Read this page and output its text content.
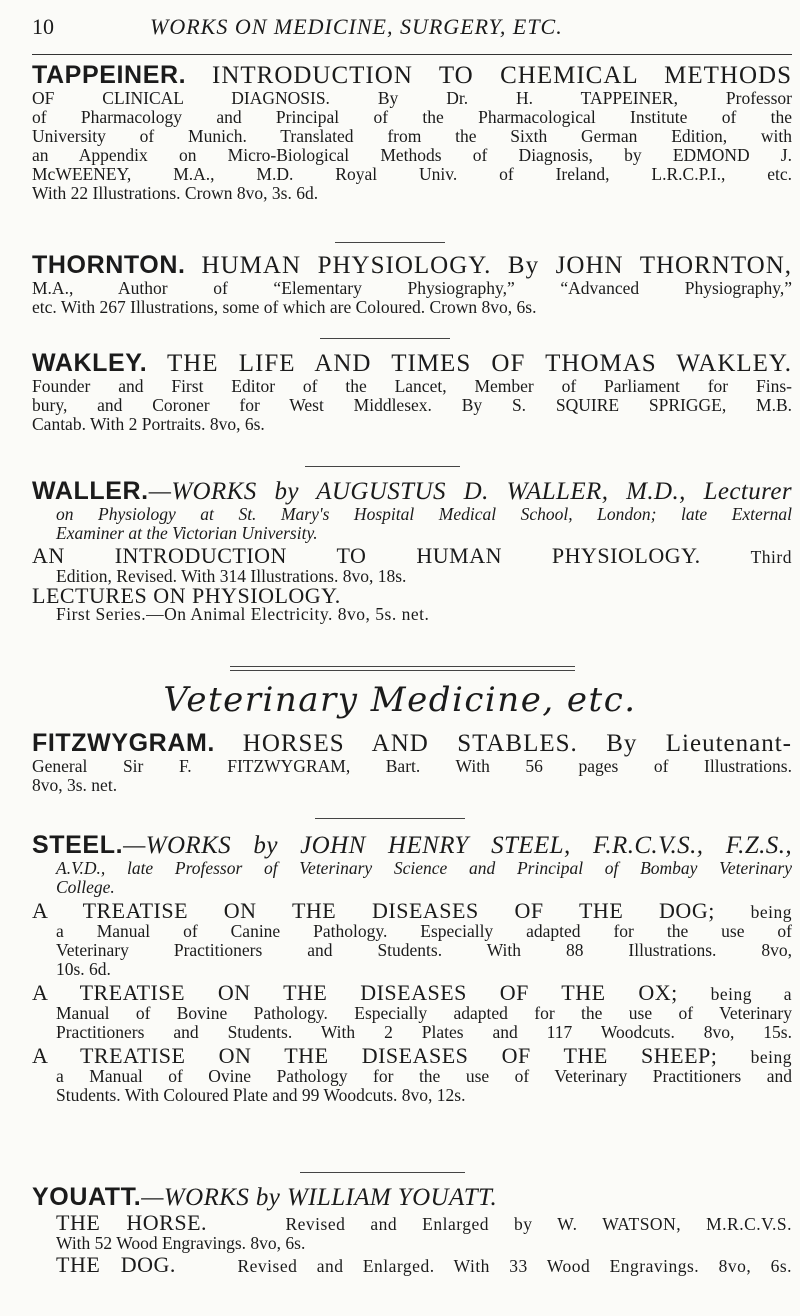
10	WORKS ON MEDICINE, SURGERY, ETC.
TAPPEINER. INTRODUCTION TO CHEMICAL METHODS
OF CLINICAL DIAGNOSIS. By Dr. H. TAPPEINER, Professor
of Pharmacology and Principal of the Pharmacological Institute of the
University of Munich. Translated from the Sixth German Edition, with
an Appendix on Micro-Biological Methods of Diagnosis, by EDMOND J.
McWEENEY, M.A., M.D. Royal Univ. of Ireland, L.R.C.P.I., etc.
With 22 Illustrations. Crown 8vo, 3s. 6d.
THORNTON. HUMAN PHYSIOLOGY. By JOHN THORNTON,
M.A., Author of “Elementary Physiography,” “Advanced Physiography,”
etc. With 267 Illustrations, some of which are Coloured. Crown 8vo, 6s.
WAKLEY. THE LIFE AND TIMES OF THOMAS WAKLEY.
Founder and First Editor of the Lancet, Member of Parliament for Fins-
bury, and Coroner for West Middlesex. By S. SQUIRE SPRIGGE, M.B.
Cantab. With 2 Portraits. 8vo, 6s.
WALLER.—WORKS by AUGUSTUS D. WALLER, M.D., Lecturer
on Physiology at St. Mary's Hospital Medical School, London; late External
Examiner at the Victorian University.
AN INTRODUCTION TO HUMAN PHYSIOLOGY.	Third
Edition, Revised. With 314 Illustrations. 8vo, 18s.
LECTURES ON PHYSIOLOGY.
First Series.—On Animal Electricity. 8vo, 5s. net.
Veterinary Medicine, etc.
FITZWYGRAM. HORSES AND STABLES. By Lieutenant-
General Sir F. FITZWYGRAM, Bart. With 56 pages of Illustrations.
8vo, 3s. net.
STEEL.—WORKS by JOHN HENRY STEEL, F.R.C.V.S., F.Z.S.,
A.V.D., late Professor of Veterinary Science and Principal of Bombay Veterinary
College.
A TREATISE ON THE DISEASES OF THE DOG; being
a Manual of Canine Pathology. Especially adapted for the use of
Veterinary Practitioners and Students. With 88 Illustrations. 8vo,
10s. 6d.
A TREATISE ON THE DISEASES OF THE OX; being a
Manual of Bovine Pathology. Especially adapted for the use of Veterinary
Practitioners and Students. With 2 Plates and 117 Woodcuts. 8vo, 15s.
A TREATISE ON THE DISEASES OF THE SHEEP; being
a Manual of Ovine Pathology for the use of Veterinary Practitioners and
Students. With Coloured Plate and 99 Woodcuts. 8vo, 12s.
YOUATT.—WORKS by WILLIAM YOUATT.
THE HORSE.	Revised and Enlarged by W. WATSON, M.R.C.V.S.
With 52 Wood Engravings. 8vo, 6s.
THE DOG.	Revised and Enlarged. With 33 Wood Engravings. 8vo, 6s.
